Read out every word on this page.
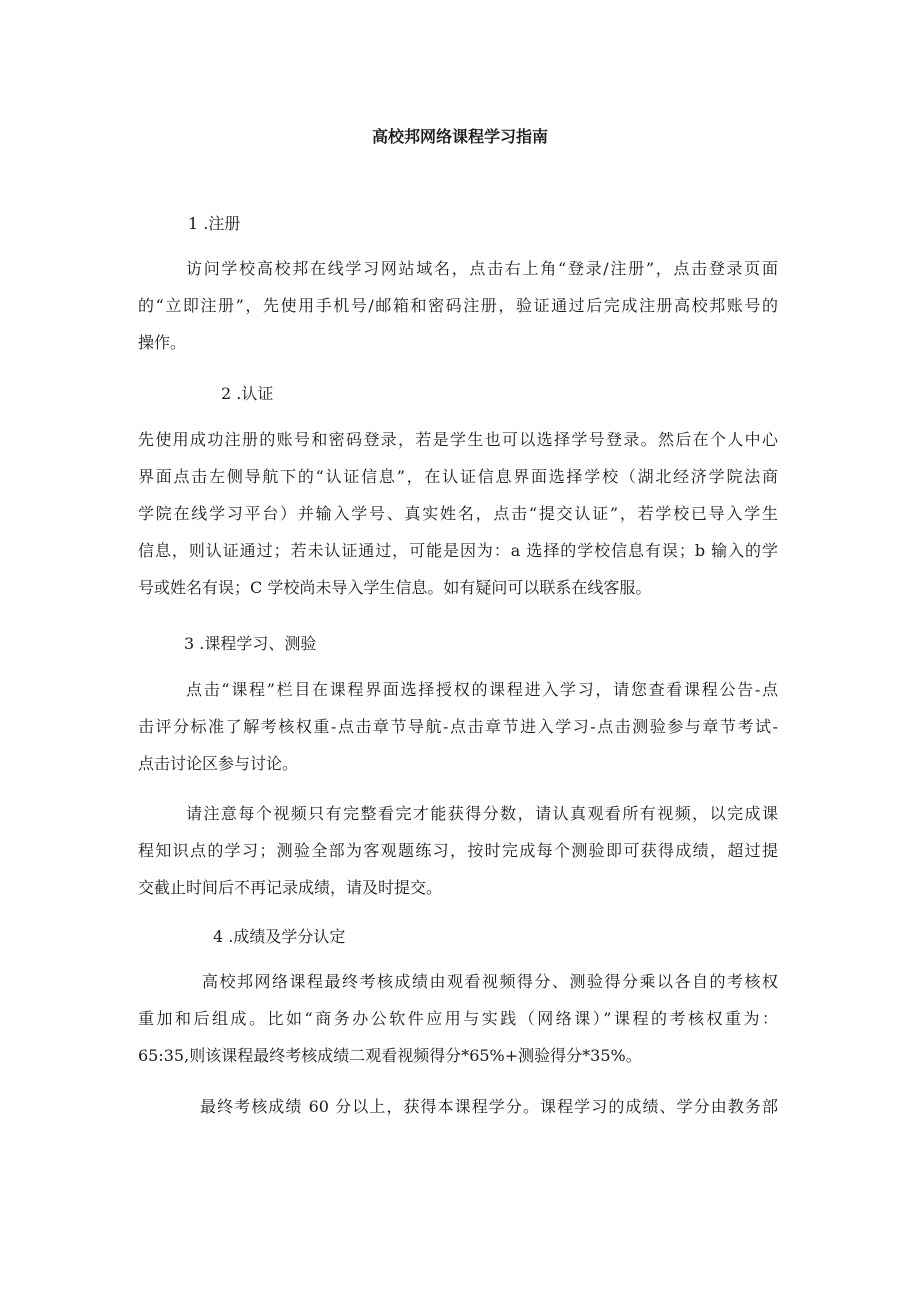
高校邦网络课程学习指南
1 .注册
访问学校高校邦在线学习网站域名，点击右上角“登录/注册”，点击登录页面
的“立即注册”，先使用手机号/邮箱和密码注册，验证通过后完成注册高校邦账号的
操作。
2 .认证
先使用成功注册的账号和密码登录，若是学生也可以选择学号登录。然后在个人中心
界面点击左侧导航下的“认证信息”，在认证信息界面选择学校（湖北经济学院法商
学院在线学习平台）并输入学号、真实姓名，点击“提交认证”，若学校已导入学生
信息，则认证通过；若未认证通过，可能是因为：a 选择的学校信息有误；b 输入的学
号或姓名有误；C 学校尚未导入学生信息。如有疑问可以联系在线客服。
3 .课程学习、测验
点击“课程”栏目在课程界面选择授权的课程进入学习，请您查看课程公告-点
击评分标准了解考核权重-点击章节导航-点击章节进入学习-点击测验参与章节考试-
点击讨论区参与讨论。
请注意每个视频只有完整看完才能获得分数，请认真观看所有视频，以完成课
程知识点的学习；测验全部为客观题练习，按时完成每个测验即可获得成绩，超过提
交截止时间后不再记录成绩，请及时提交。
4 .成绩及学分认定
高校邦网络课程最终考核成绩由观看视频得分、测验得分乘以各自的考核权
重加和后组成。比如“商务办公软件应用与实践（网络课）”课程的考核权重为：
65:35,则该课程最终考核成绩二观看视频得分*65%+测验得分*35%。
最终考核成绩 60 分以上，获得本课程学分。课程学习的成绩、学分由教务部
